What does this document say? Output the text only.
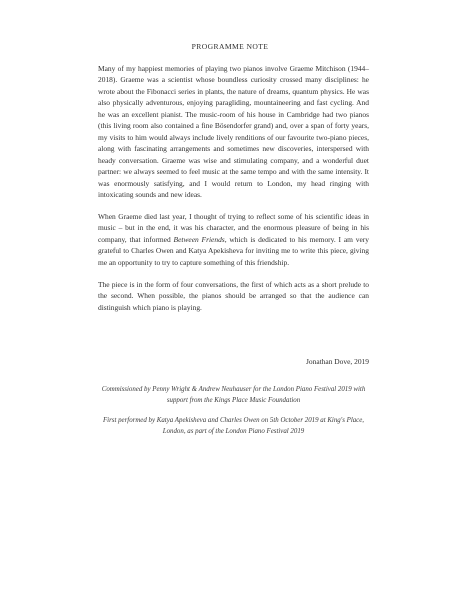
PROGRAMME NOTE

Many of my happiest memories of playing two pianos involve Graeme Mitchison (1944–2018). Graeme was a scientist whose boundless curiosity crossed many disciplines: he wrote about the Fibonacci series in plants, the nature of dreams, quantum physics. He was also physically adventurous, enjoying paragliding, mountaineering and fast cycling. And he was an excellent pianist. The music-room of his house in Cambridge had two pianos (this living room also contained a fine Bösendorfer grand) and, over a span of forty years, my visits to him would always include lively renditions of our favourite two-piano pieces, along with fascinating arrangements and sometimes new discoveries, interspersed with heady conversation. Graeme was wise and stimulating company, and a wonderful duet partner: we always seemed to feel music at the same tempo and with the same intensity. It was enormously satisfying, and I would return to London, my head ringing with intoxicating sounds and new ideas.

When Graeme died last year, I thought of trying to reflect some of his scientific ideas in music – but in the end, it was his character, and the enormous pleasure of being in his company, that informed Between Friends, which is dedicated to his memory. I am very grateful to Charles Owen and Katya Apekisheva for inviting me to write this piece, giving me an opportunity to try to capture something of this friendship.

The piece is in the form of four conversations, the first of which acts as a short prelude to the second. When possible, the pianos should be arranged so that the audience can distinguish which piano is playing.

Jonathan Dove, 2019

Commissioned by Penny Wright & Andrew Neuhauser for the London Piano Festival 2019 with support from the Kings Place Music Foundation

First performed by Katya Apekisheva and Charles Owen on 5th October 2019 at King's Place, London, as part of the London Piano Festival 2019
